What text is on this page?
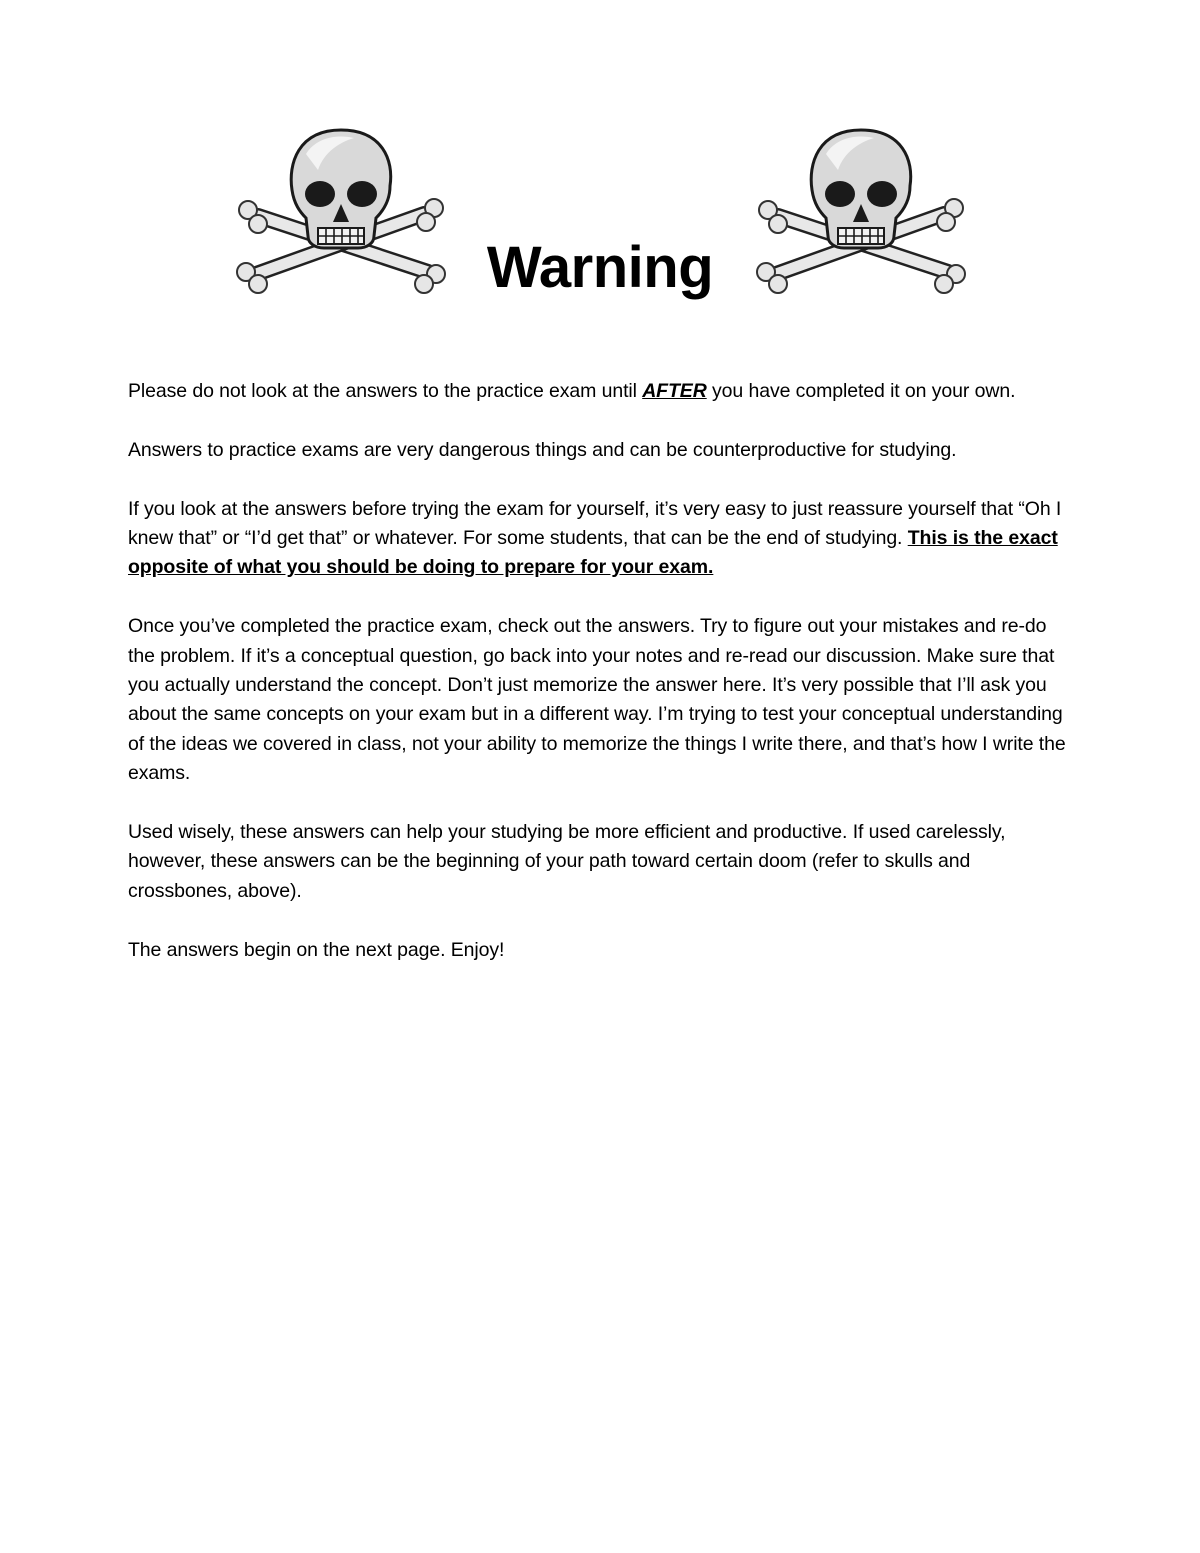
Warning

Please do not look at the answers to the practice exam until AFTER you have completed it on your own.

Answers to practice exams are very dangerous things and can be counterproductive for studying.

If you look at the answers before trying the exam for yourself, it’s very easy to just reassure yourself that “Oh I knew that” or “I’d get that” or whatever. For some students, that can be the end of studying. This is the exact opposite of what you should be doing to prepare for your exam.

Once you’ve completed the practice exam, check out the answers. Try to figure out your mistakes and re-do the problem. If it’s a conceptual question, go back into your notes and re-read our discussion. Make sure that you actually understand the concept. Don’t just memorize the answer here. It’s very possible that I’ll ask you about the same concepts on your exam but in a different way. I’m trying to test your conceptual understanding of the ideas we covered in class, not your ability to memorize the things I write there, and that’s how I write the exams.

Used wisely, these answers can help your studying be more efficient and productive. If used carelessly, however, these answers can be the beginning of your path toward certain doom (refer to skulls and crossbones, above).

The answers begin on the next page. Enjoy!
